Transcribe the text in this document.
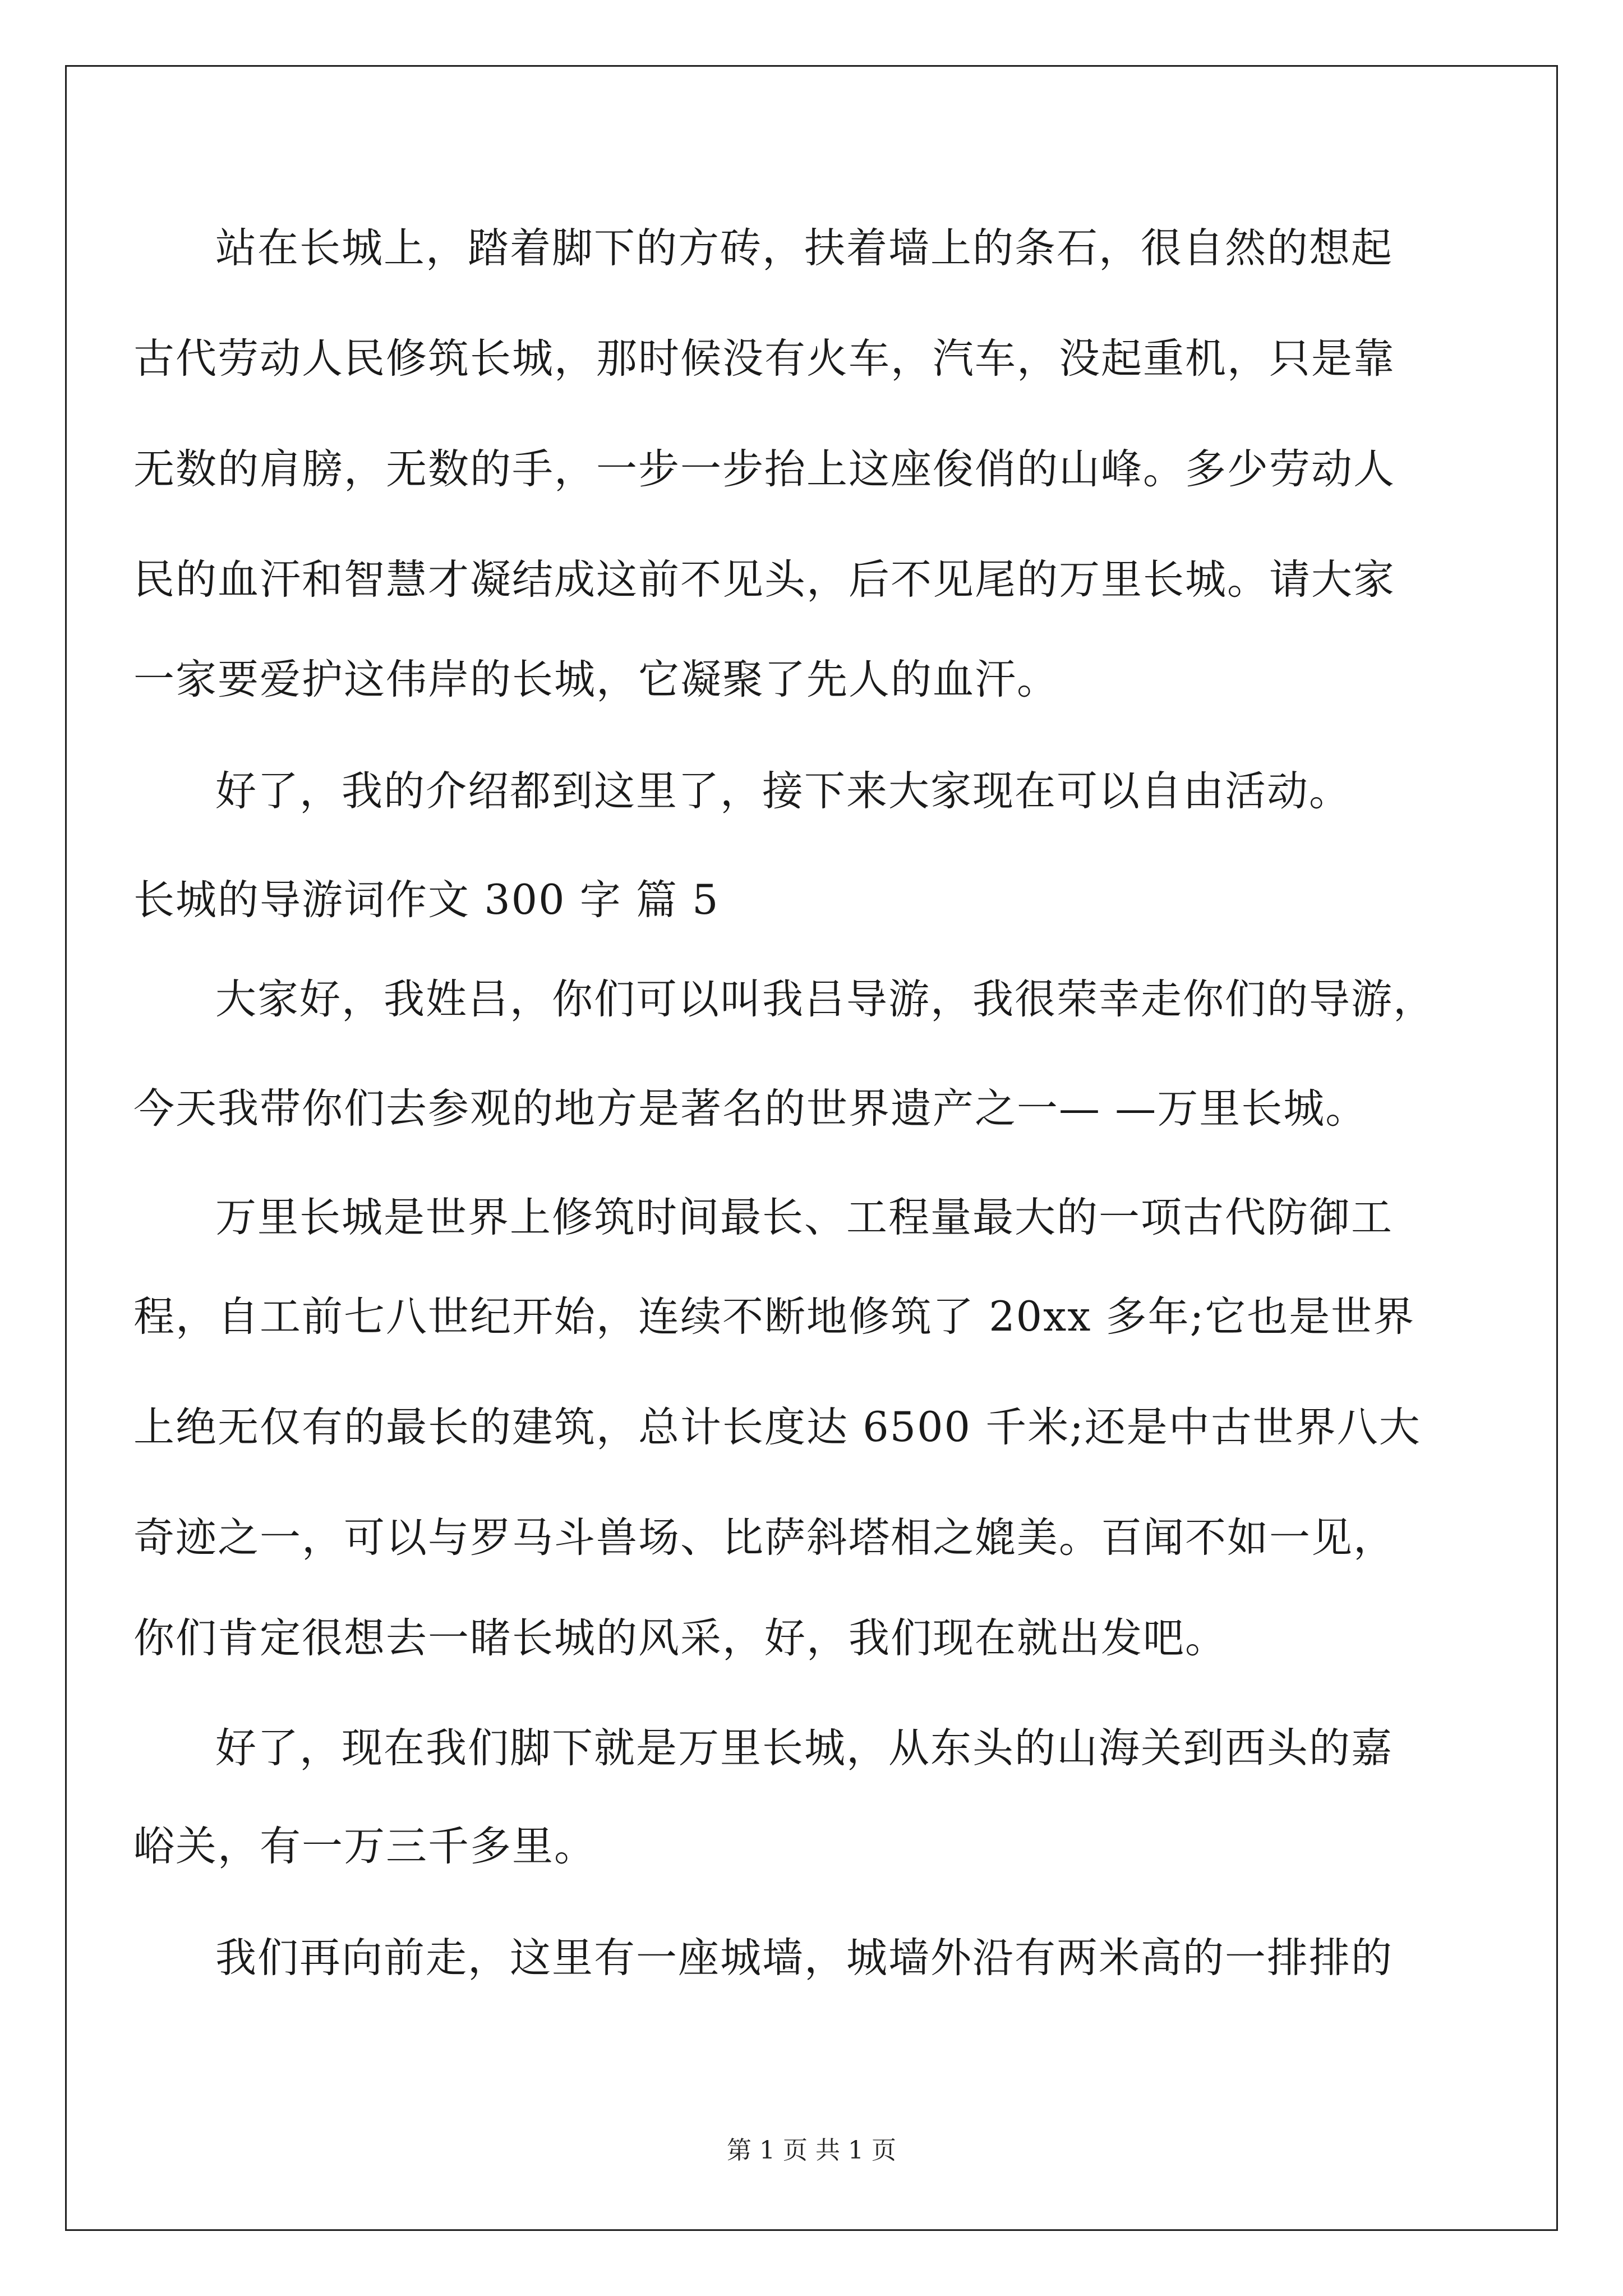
站在长城上，踏着脚下的方砖，扶着墙上的条石，很自然的想起
古代劳动人民修筑长城，那时候没有火车，汽车，没起重机，只是靠
无数的肩膀，无数的手，一步一步抬上这座俊俏的山峰。多少劳动人
民的血汗和智慧才凝结成这前不见头，后不见尾的万里长城。请大家
一家要爱护这伟岸的长城，它凝聚了先人的血汗。
好了，我的介绍都到这里了，接下来大家现在可以自由活动。
长城的导游词作文 300 字 篇 5
大家好，我姓吕，你们可以叫我吕导游，我很荣幸走你们的导游，
今天我带你们去参观的地方是著名的世界遗产之一— —万里长城。
万里长城是世界上修筑时间最长、工程量最大的一项古代防御工
程，自工前七八世纪开始，连续不断地修筑了 20xx 多年;它也是世界
上绝无仅有的最长的建筑，总计长度达 6500 千米;还是中古世界八大
奇迹之一，可以与罗马斗兽场、比萨斜塔相之媲美。百闻不如一见，
你们肯定很想去一睹长城的风采，好，我们现在就出发吧。
好了，现在我们脚下就是万里长城，从东头的山海关到西头的嘉
峪关，有一万三千多里。
我们再向前走，这里有一座城墙，城墙外沿有两米高的一排排的
第 1 页 共 1 页
